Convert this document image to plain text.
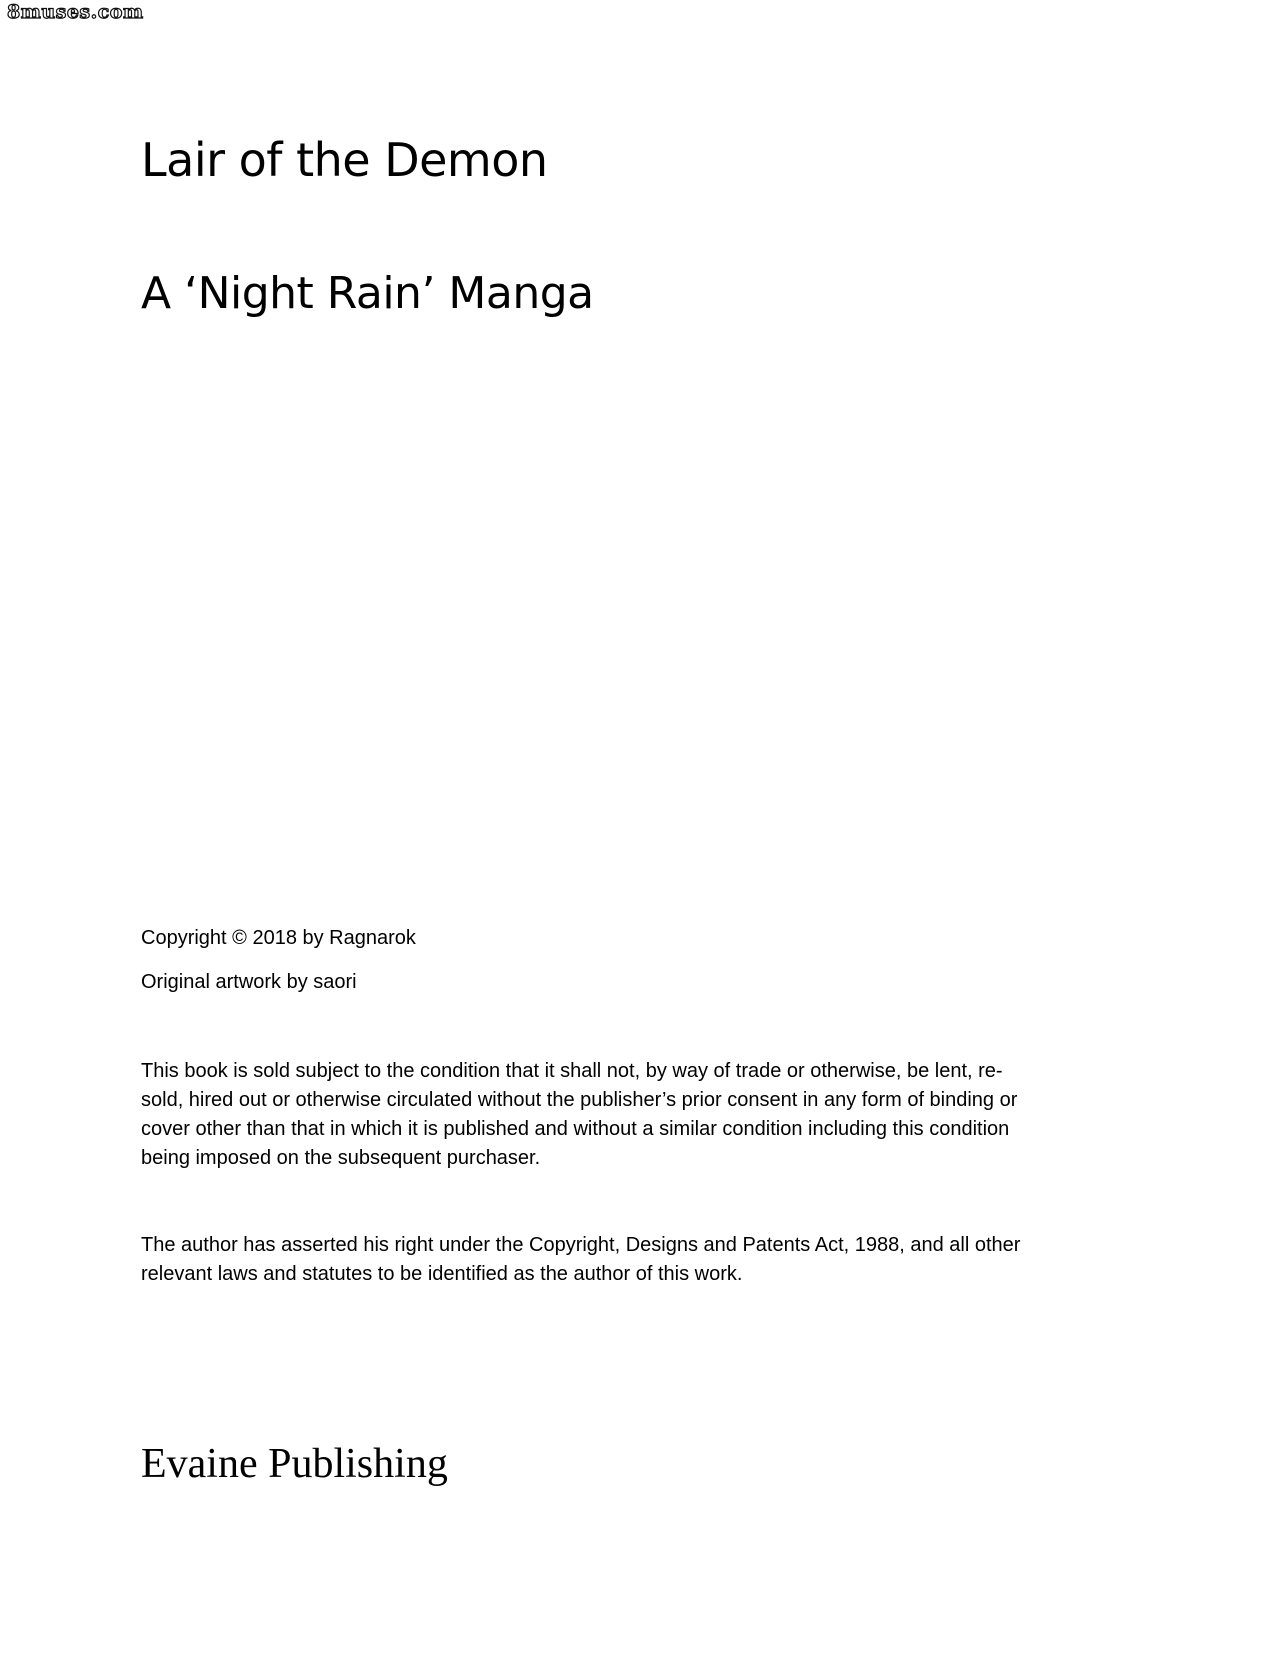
8muses.com
Lair of the Demon
A ‘Night Rain’ Manga

Copyright © 2018 by Ragnarok

Original artwork by saori

This book is sold subject to the condition that it shall not, by way of trade or otherwise, be lent, re-sold, hired out or otherwise circulated without the publisher’s prior consent in any form of binding or cover other than that in which it is published and without a similar condition including this condition being imposed on the subsequent purchaser.

The author has asserted his right under the Copyright, Designs and Patents Act, 1988, and all other relevant laws and statutes to be identified as the author of this work.

Evaine Publishing
